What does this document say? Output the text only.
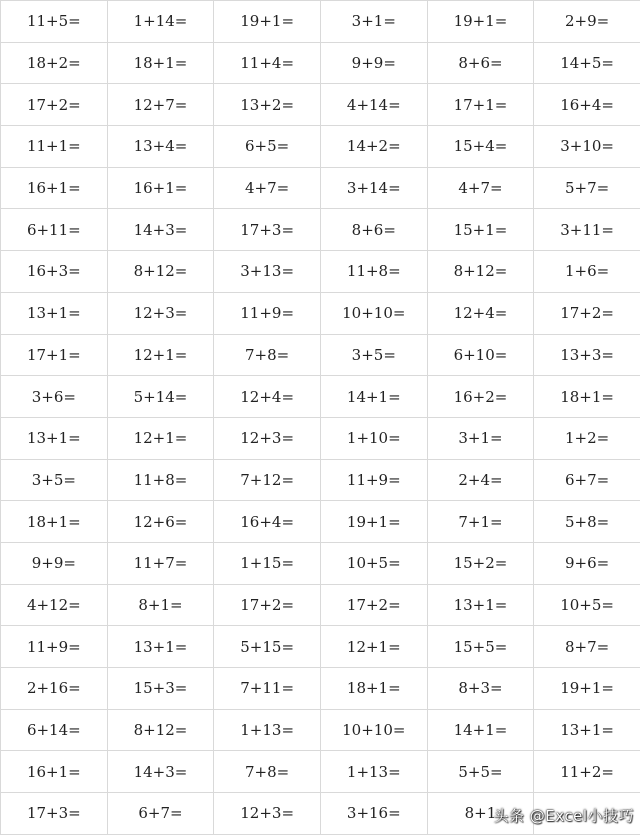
11+5=	1+14=	19+1=	3+1=	19+1=	2+9=
18+2=	18+1=	11+4=	9+9=	8+6=	14+5=
17+2=	12+7=	13+2=	4+14=	17+1=	16+4=
11+1=	13+4=	6+5=	14+2=	15+4=	3+10=
16+1=	16+1=	4+7=	3+14=	4+7=	5+7=
6+11=	14+3=	17+3=	8+6=	15+1=	3+11=
16+3=	8+12=	3+13=	11+8=	8+12=	1+6=
13+1=	12+3=	11+9=	10+10=	12+4=	17+2=
17+1=	12+1=	7+8=	3+5=	6+10=	13+3=
3+6=	5+14=	12+4=	14+1=	16+2=	18+1=
13+1=	12+1=	12+3=	1+10=	3+1=	1+2=
3+5=	11+8=	7+12=	11+9=	2+4=	6+7=
18+1=	12+6=	16+4=	19+1=	7+1=	5+8=
9+9=	11+7=	1+15=	10+5=	15+2=	9+6=
4+12=	8+1=	17+2=	17+2=	13+1=	10+5=
11+9=	13+1=	5+15=	12+1=	15+5=	8+7=
2+16=	15+3=	7+11=	18+1=	8+3=	19+1=
6+14=	8+12=	1+13=	10+10=	14+1=	13+1=
16+1=	14+3=	7+8=	1+13=	5+5=	11+2=
17+3=	6+7=	12+3=	3+16=	8+1	
头条 @Excel小技巧
